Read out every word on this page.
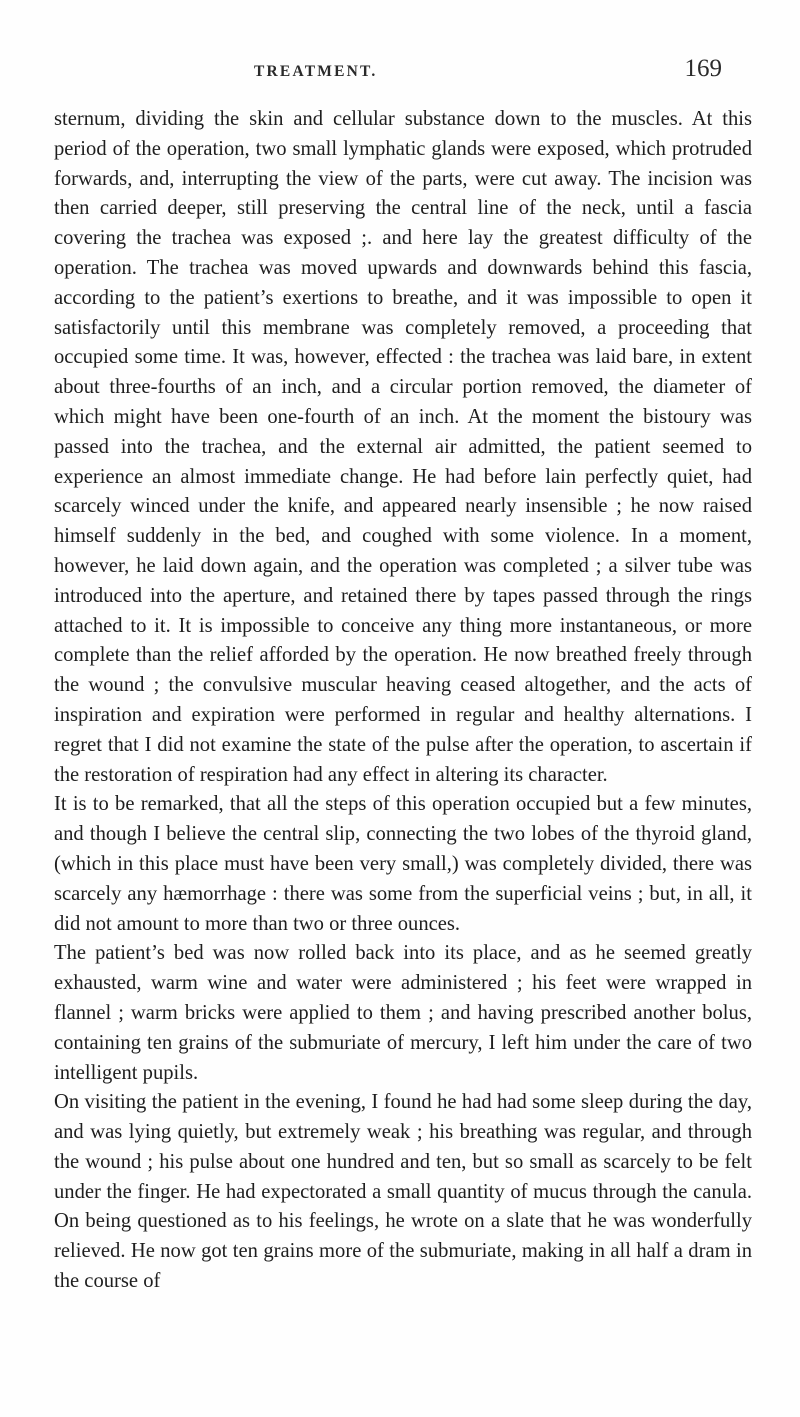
TREATMENT.	169

sternum, dividing the skin and cellular substance down to the muscles. At this period of the operation, two small lymphatic glands were exposed, which protruded forwards, and, interrupting the view of the parts, were cut away. The incision was then carried deeper, still preserving the central line of the neck, until a fascia covering the trachea was exposed ;. and here lay the greatest difficulty of the operation. The trachea was moved upwards and downwards behind this fascia, according to the patient’s exertions to breathe, and it was impossible to open it satisfactorily until this membrane was completely removed, a proceeding that occupied some time. It was, however, effected : the trachea was laid bare, in extent about three-fourths of an inch, and a circular portion removed, the diameter of which might have been one-fourth of an inch. At the moment the bistoury was passed into the trachea, and the external air admitted, the patient seemed to experience an almost immediate change. He had before lain perfectly quiet, had scarcely winced under the knife, and appeared nearly insensible ; he now raised himself suddenly in the bed, and coughed with some violence. In a moment, however, he laid down again, and the operation was completed ; a silver tube was introduced into the aperture, and retained there by tapes passed through the rings attached to it. It is impossible to conceive any thing more instantaneous, or more complete than the relief afforded by the operation. He now breathed freely through the wound ; the convulsive muscular heaving ceased altogether, and the acts of inspiration and expiration were performed in regular and healthy alternations. I regret that I did not examine the state of the pulse after the operation, to ascertain if the restoration of respiration had any effect in altering its character.

It is to be remarked, that all the steps of this operation occupied but a few minutes, and though I believe the central slip, connecting the two lobes of the thyroid gland, (which in this place must have been very small,) was completely divided, there was scarcely any hæmorrhage : there was some from the superficial veins ; but, in all, it did not amount to more than two or three ounces.

The patient’s bed was now rolled back into its place, and as he seemed greatly exhausted, warm wine and water were administered ; his feet were wrapped in flannel ; warm bricks were applied to them ; and having prescribed another bolus, containing ten grains of the submuriate of mercury, I left him under the care of two intelligent pupils.

On visiting the patient in the evening, I found he had had some sleep during the day, and was lying quietly, but extremely weak ; his breathing was regular, and through the wound ; his pulse about one hundred and ten, but so small as scarcely to be felt under the finger. He had expectorated a small quantity of mucus through the canula. On being questioned as to his feelings, he wrote on a slate that he was wonderfully relieved. He now got ten grains more of the submuriate, making in all half a dram in the course of
